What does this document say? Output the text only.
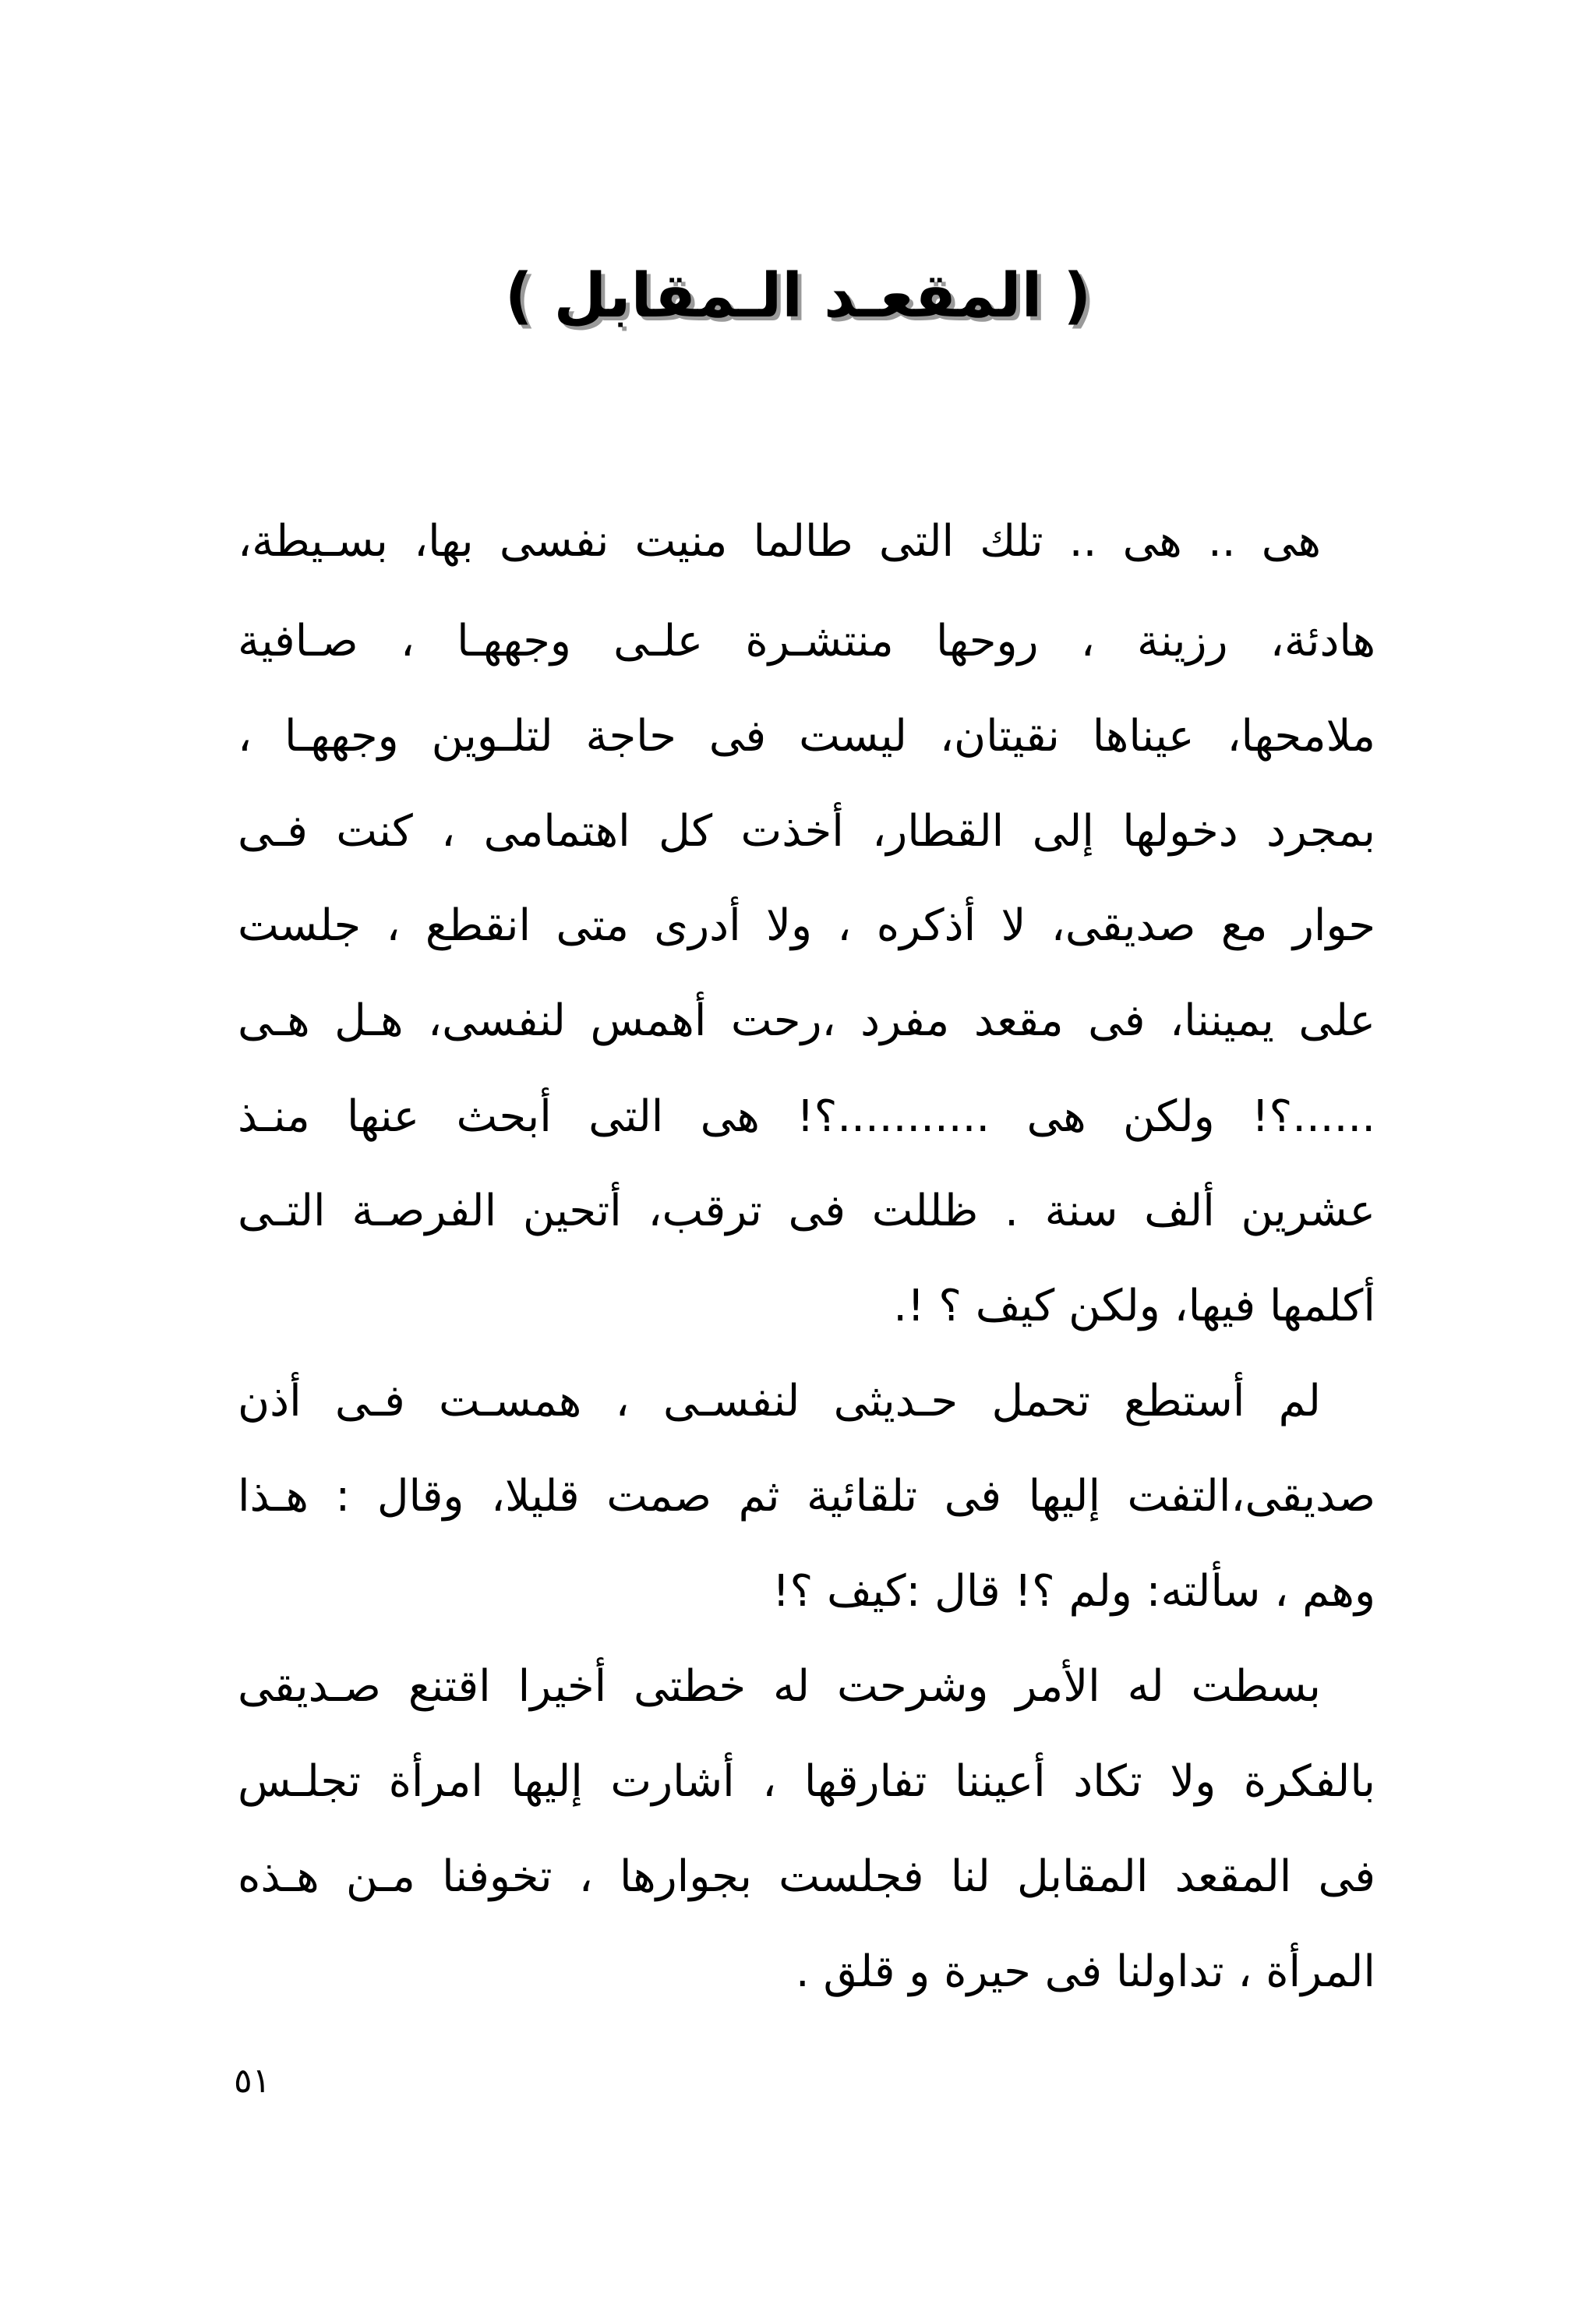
( المقعـد الـمقابل )
هى .. هى .. تلك التى طالما منيت نفسى بها، بسـيطة،
هادئة، رزينة ، روحها منتشـرة علـى وجههـا ، صـافية
ملامحها، عيناها نقيتان، ليست فى حاجة لتلـوين وجههـا ،
بمجرد دخولها إلى القطار، أخذت كل اهتمامى ، كنت فـى
حوار مع صديقى، لا أذكره ، ولا أدرى متى انقطع ، جلست
على يميننا، فى مقعد مفرد ،رحت أهمس لنفسى، هـل هـى
......؟! ولكن هى ...........؟! هى التى أبحث عنها منـذ
عشرين ألف سنة . ظللت فى ترقب، أتحين الفرصـة التـى
أكلمها فيها، ولكن كيف ؟ !.
لم أستطع تحمل حـديثى لنفسـى ، همسـت فـى أذن
صديقى،التفت إليها فى تلقائية ثم صمت قليلا، وقال : هـذا
وهم ، سألته: ولم ؟! قال :كيف ؟!
بسطت له الأمر وشرحت له خطتى أخيرا اقتنع صـديقى
بالفكرة ولا تكاد أعيننا تفارقها ، أشارت إليها امرأة تجلـس
فى المقعد المقابل لنا فجلست بجوارها ، تخوفنا مـن هـذه
المرأة ، تداولنا فى حيرة و قلق .
٥١
